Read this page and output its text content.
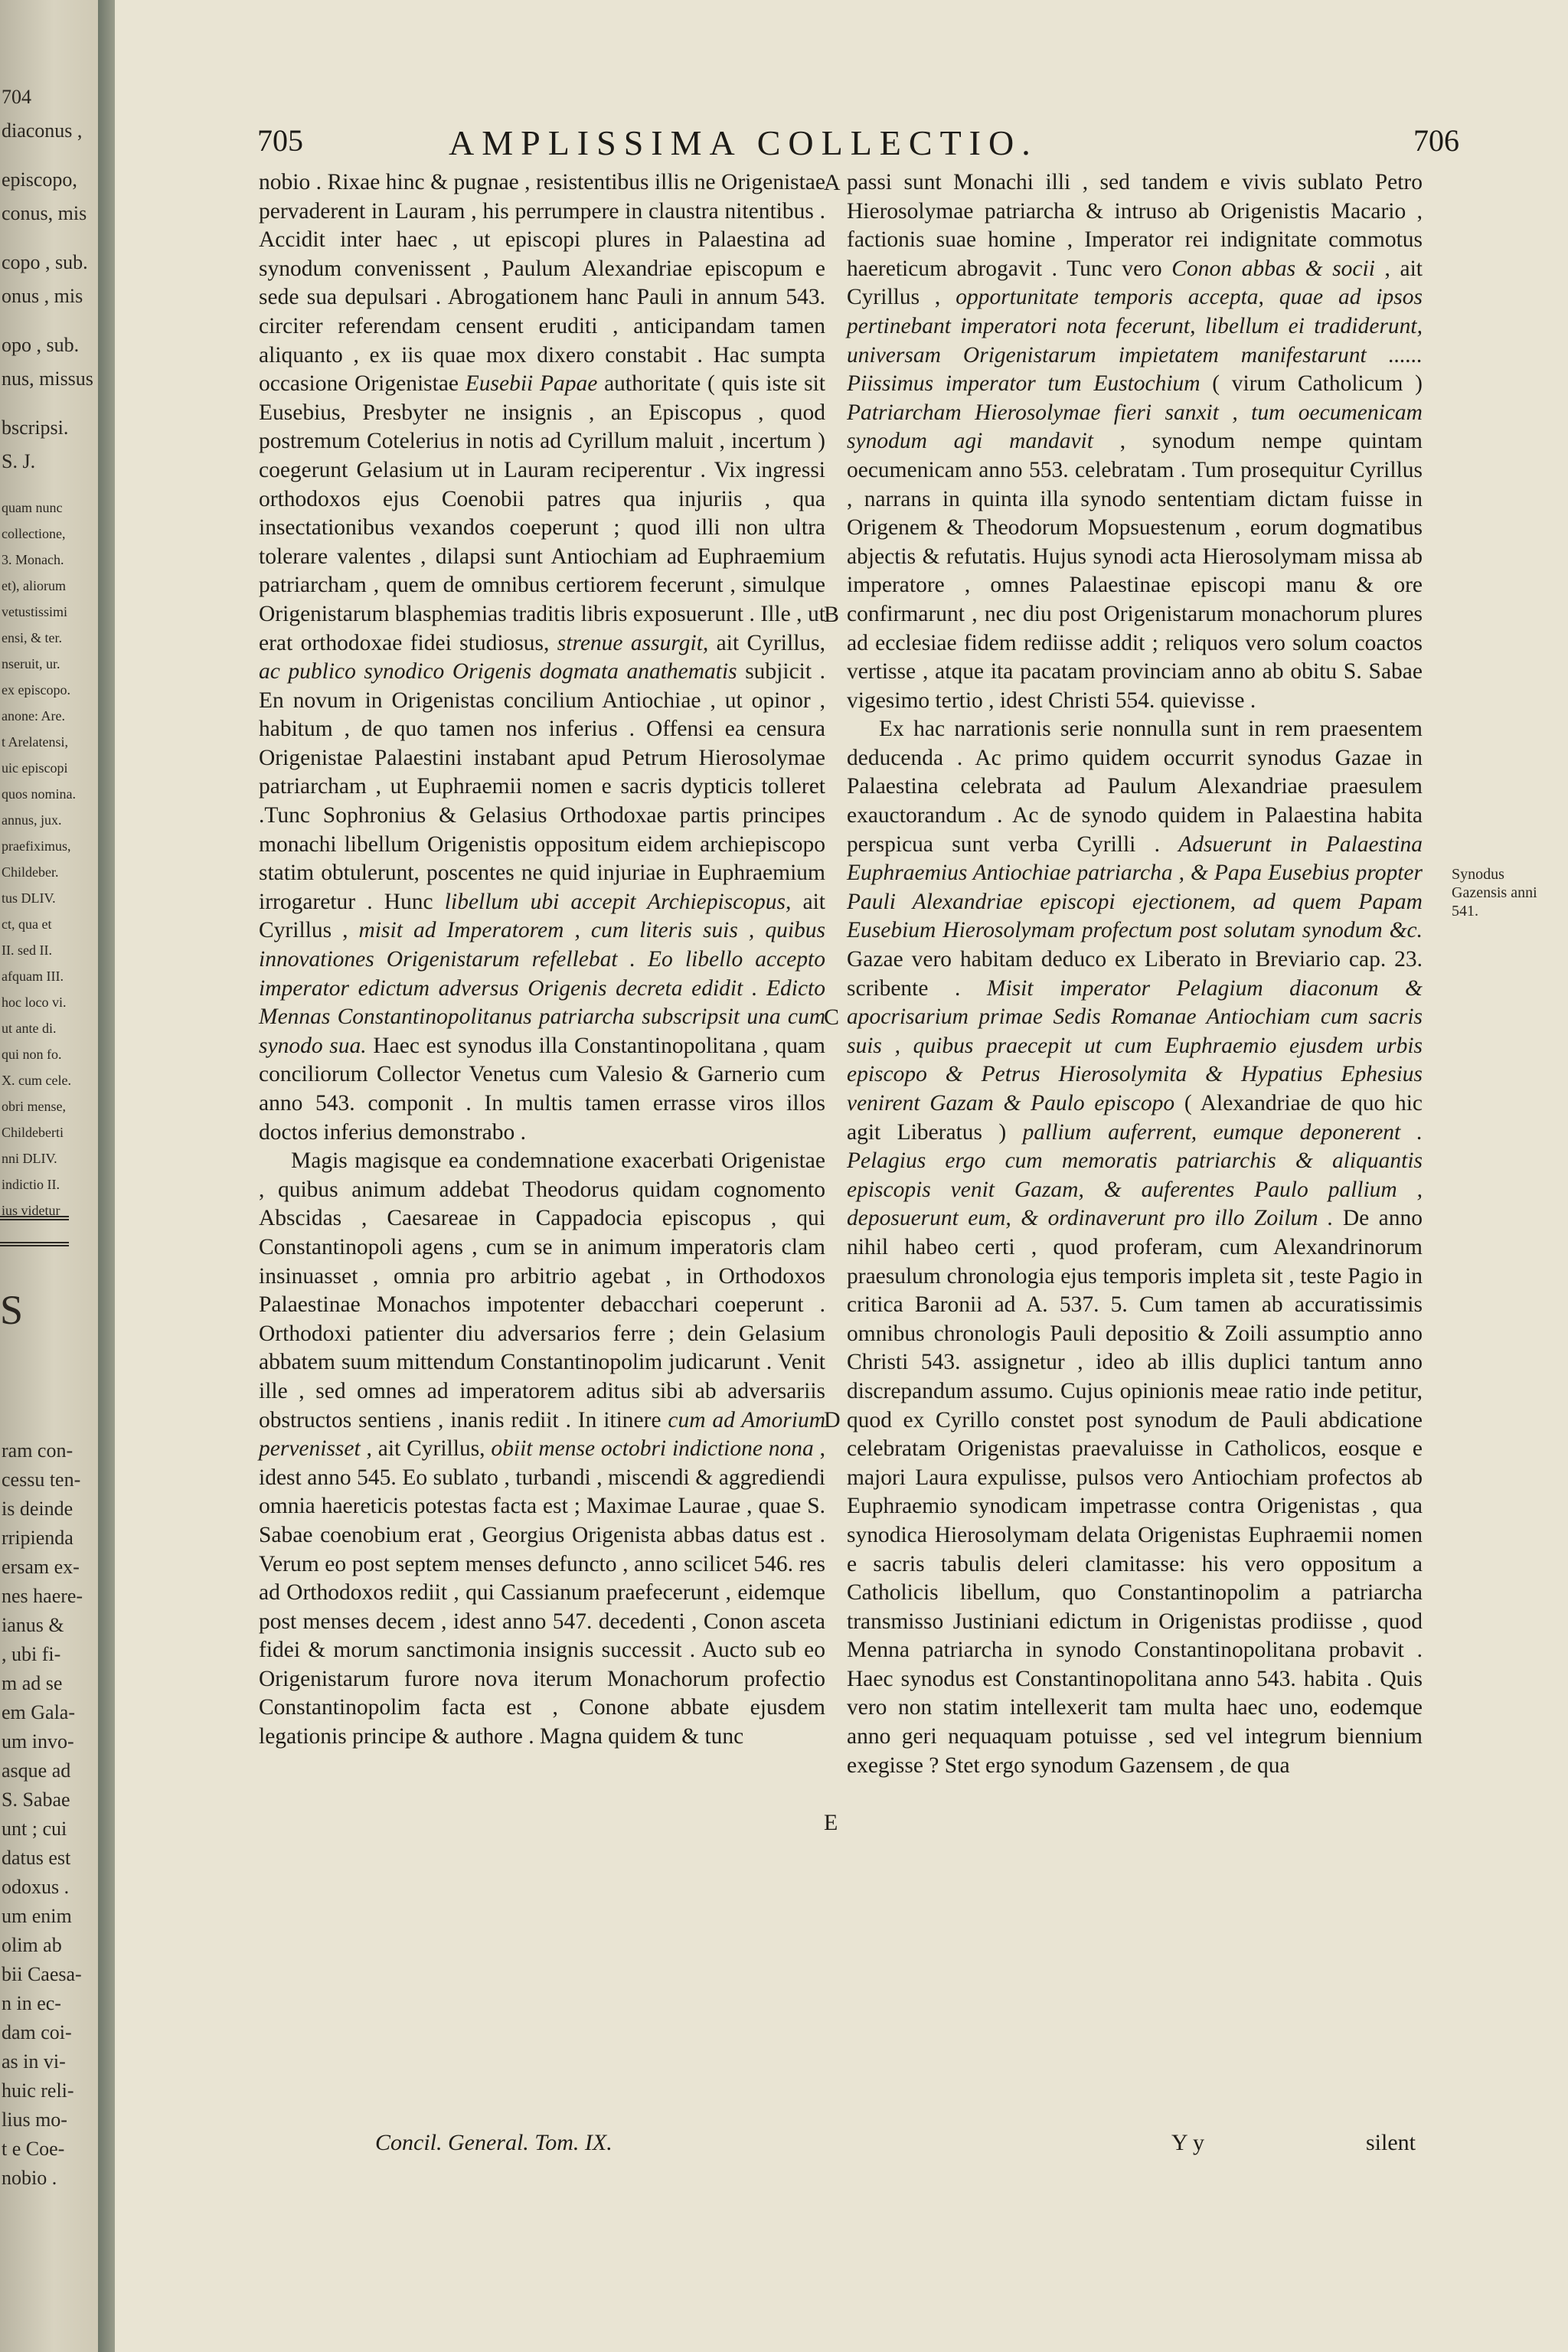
704
diaconus ,
episcopo,
conus, mis
copo , sub.
onus , mis
opo , sub.
nus, missus
bscripsi.
S. J.
quam nunc
collectione,
3. Monach.
et), aliorum
vetustissimi
ensi, & ter.
nseruit, ur.
ex episcopo.
anone: Are.
t Arelatensi,
uic episcopi
quos nomina.
annus, jux.
praefiximus,
Childeber.
tus DLIV.
ct, qua et
II. sed II.
afquam III.
hoc loco vi.
ut ante di.
qui non fo.
X. cum cele.
obri mense,
Childeberti
nni DLIV.
indictio II.
ius videtur
S
ram con-
cessu ten-
is deinde
rripienda
ersam ex-
nes haere-
ianus &
, ubi fi-
m ad se
em Gala-
um invo-
asque ad
S. Sabae
unt ; cui
datus est
odoxus .
um enim
olim ab
bii Caesa-
n in ec-
dam coi-
as in vi-
huic reli-
lius mo-
t e Coe-
nobio .
705	AMPLISSIMA COLLECTIO.	706

nobio . Rixae hinc & pugnae , resistentibus illis ne Origenistae pervaderent in Lauram , his perrumpere in claustra nitentibus . Accidit inter haec , ut episcopi plures in Palaestina ad synodum convenissent , Paulum Alexandriae episcopum e sede sua depulsari . Abrogationem hanc Pauli in annum 543. circiter referendam censent eruditi , anticipandam tamen aliquanto , ex iis quae mox dixero constabit . Hac sumpta occasione Origenistae Eusebii Papae authoritate ( quis iste sit Eusebius, Presbyter ne insignis , an Episcopus , quod postremum Cotelerius in notis ad Cyrillum maluit , incertum ) coegerunt Gelasium ut in Lauram reciperentur . Vix ingressi orthodoxos ejus Coenobii patres qua injuriis , qua insectationibus vexandos coeperunt ; quod illi non ultra tolerare valentes , dilapsi sunt Antiochiam ad Euphraemium patriarcham , quem de omnibus certiorem fecerunt , simulque Origenistarum blasphemias traditis libris exposuerunt . Ille , ut erat orthodoxae fidei studiosus, strenue assurgit, ait Cyrillus, ac publico synodico Origenis dogmata anathematis subjicit . En novum in Origenistas concilium Antiochiae , ut opinor , habitum , de quo tamen nos inferius . Offensi ea censura Origenistae Palaestini instabant apud Petrum Hierosolymae patriarcham , ut Euphraemii nomen e sacris dypticis tolleret .Tunc Sophronius & Gelasius Orthodoxae partis principes monachi libellum Origenistis oppositum eidem archiepiscopo statim obtulerunt, poscentes ne quid injuriae in Euphraemium irrogaretur . Hunc libellum ubi accepit Archiepiscopus, ait Cyrillus , misit ad Imperatorem , cum literis suis , quibus innovationes Origenistarum refellebat . Eo libello accepto imperator edictum adversus Origenis decreta edidit . Edicto Mennas Constantinopolitanus patriarcha subscripsit una cum synodo sua. Haec est synodus illa Constantinopolitana , quam conciliorum Collector Venetus cum Valesio & Garnerio cum anno 543. componit . In multis tamen errasse viros illos doctos inferius demonstrabo .

Magis magisque ea condemnatione exacerbati Origenistae , quibus animum addebat Theodorus quidam cognomento Abscidas , Caesareae in Cappadocia episcopus , qui Constantinopoli agens , cum se in animum imperatoris clam insinuasset , omnia pro arbitrio agebat , in Orthodoxos Palaestinae Monachos impotenter debacchari coeperunt . Orthodoxi patienter diu adversarios ferre ; dein Gelasium abbatem suum mittendum Constantinopolim judicarunt . Venit ille , sed omnes ad imperatorem aditus sibi ab adversariis obstructos sentiens , inanis rediit . In itinere cum ad Amorium pervenisset , ait Cyrillus, obiit mense octobri indictione nona , idest anno 545. Eo sublato , turbandi , miscendi & aggrediendi omnia haereticis potestas facta est ; Maximae Laurae , quae S. Sabae coenobium erat , Georgius Origenista abbas datus est . Verum eo post septem menses defuncto , anno scilicet 546. res ad Orthodoxos rediit , qui Cassianum praefecerunt , eidemque post menses decem , idest anno 547. decedenti , Conon asceta fidei & morum sanctimonia insignis successit . Aucto sub eo Origenistarum furore nova iterum Monachorum profectio Constantinopolim facta est , Conone abbate ejusdem legationis principe & authore . Magna quidem & tunc

A
B
C
D
E

passi sunt Monachi illi , sed tandem e vivis sublato Petro Hierosolymae patriarcha & intruso ab Origenistis Macario , factionis suae homine , Imperator rei indignitate commotus haereticum abrogavit . Tunc vero Conon abbas & socii , ait Cyrillus , opportunitate temporis accepta, quae ad ipsos pertinebant imperatori nota fecerunt, libellum ei tradiderunt, universam Origenistarum impietatem manifestarunt ...... Piissimus imperator tum Eustochium ( virum Catholicum ) Patriarcham Hierosolymae fieri sanxit , tum oecumenicam synodum agi mandavit , synodum nempe quintam oecumenicam anno 553. celebratam . Tum prosequitur Cyrillus , narrans in quinta illa synodo sententiam dictam fuisse in Origenem & Theodorum Mopsuestenum , eorum dogmatibus abjectis & refutatis. Hujus synodi acta Hierosolymam missa ab imperatore , omnes Palaestinae episcopi manu & ore confirmarunt , nec diu post Origenistarum monachorum plures ad ecclesiae fidem rediisse addit ; reliquos vero solum coactos vertisse , atque ita pacatam provinciam anno ab obitu S. Sabae vigesimo tertio , idest Christi 554. quievisse .

Ex hac narrationis serie nonnulla sunt in rem praesentem deducenda . Ac primo quidem occurrit synodus Gazae in Palaestina celebrata ad Paulum Alexandriae praesulem exauctorandum . Ac de synodo quidem in Palaestina habita perspicua sunt verba Cyrilli . Adsuerunt in Palaestina Euphraemius Antiochiae patriarcha , & Papa Eusebius propter Pauli Alexandriae episcopi ejectionem, ad quem Papam Eusebium Hierosolymam profectum post solutam synodum &c. Gazae vero habitam deduco ex Liberato in Breviario cap. 23. scribente . Misit imperator Pelagium diaconum & apocrisarium primae Sedis Romanae Antiochiam cum sacris suis , quibus praecepit ut cum Euphraemio ejusdem urbis episcopo & Petrus Hierosolymita & Hypatius Ephesius venirent Gazam & Paulo episcopo ( Alexandriae de quo hic agit Liberatus ) pallium auferrent, eumque deponerent . Pelagius ergo cum memoratis patriarchis & aliquantis episcopis venit Gazam, & auferentes Paulo pallium , deposuerunt eum, & ordinaverunt pro illo Zoilum . De anno nihil habeo certi , quod proferam, cum Alexandrinorum praesulum chronologia ejus temporis impleta sit , teste Pagio in critica Baronii ad A. 537. 5. Cum tamen ab accuratissimis omnibus chronologis Pauli depositio & Zoili assumptio anno Christi 543. assignetur , ideo ab illis duplici tantum anno discrepandum assumo. Cujus opinionis meae ratio inde petitur, quod ex Cyrillo constet post synodum de Pauli abdicatione celebratam Origenistas praevaluisse in Catholicos, eosque e majori Laura expulisse, pulsos vero Antiochiam profectos ab Euphraemio synodicam impetrasse contra Origenistas , qua synodica Hierosolymam delata Origenistas Euphraemii nomen e sacris tabulis deleri clamitasse: his vero oppositum a Catholicis libellum, quo Constantinopolim a patriarcha transmisso Justiniani edictum in Origenistas prodiisse , quod Menna patriarcha in synodo Constantinopolitana probavit . Haec synodus est Constantinopolitana anno 543. habita . Quis vero non statim intellexerit tam multa haec uno, eodemque anno geri nequaquam potuisse , sed vel integrum biennium exegisse ? Stet ergo synodum Gazensem , de qua

Synodus Gazensis anni 541.
Concil. General. Tom. IX.	Y y	silent
